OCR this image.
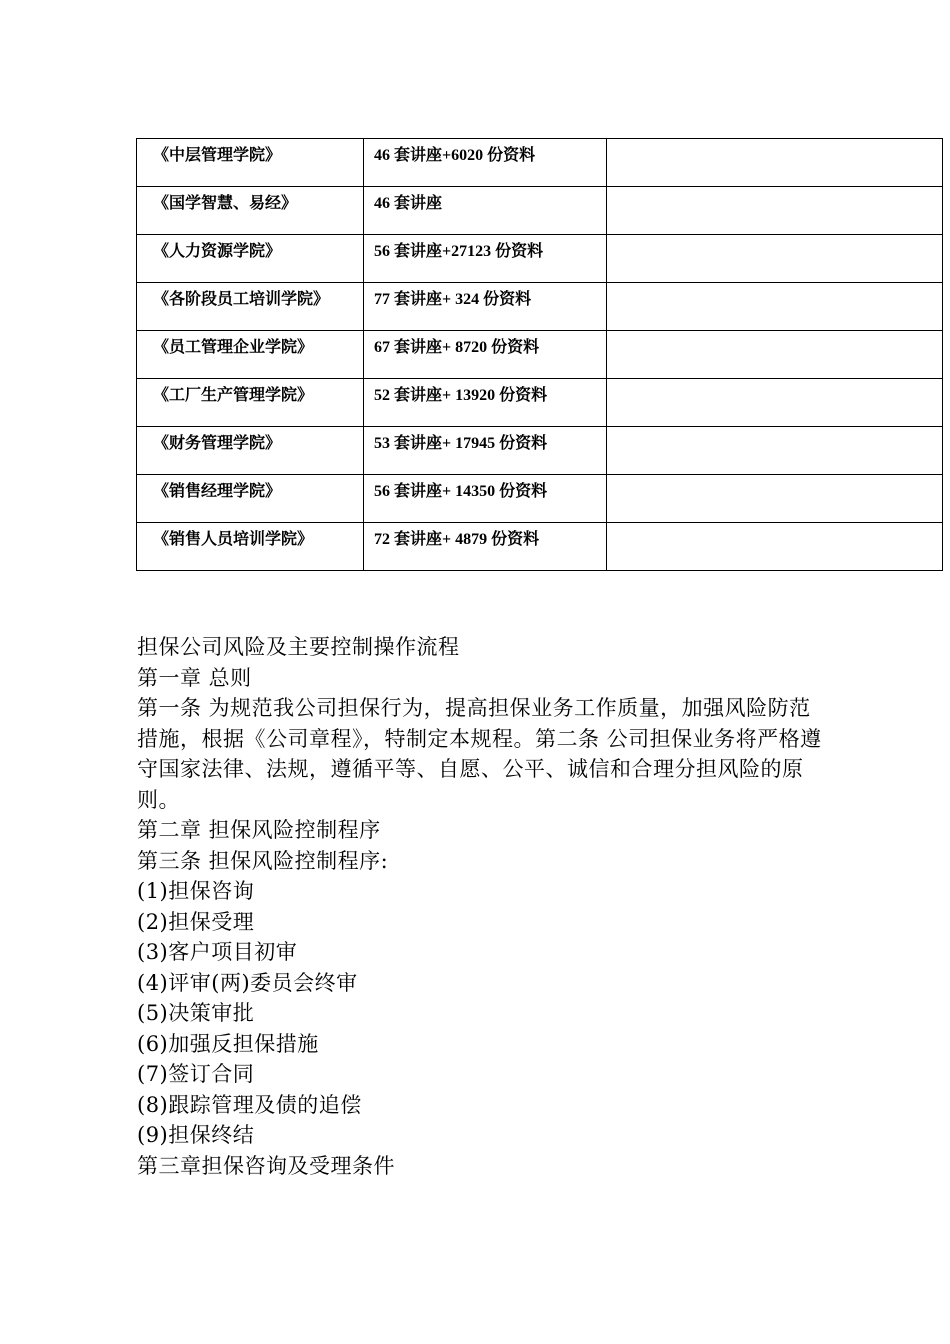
《中层管理学院》	46 套讲座+6020 份资料	
《国学智慧、易经》	46 套讲座	
《人力资源学院》	56 套讲座+27123 份资料	
《各阶段员工培训学院》	77 套讲座+ 324 份资料	
《员工管理企业学院》	67 套讲座+ 8720 份资料	
《工厂生产管理学院》	52 套讲座+ 13920 份资料	
《财务管理学院》	53 套讲座+ 17945 份资料	
《销售经理学院》	56 套讲座+ 14350 份资料	
《销售人员培训学院》	72 套讲座+ 4879 份资料	

担保公司风险及主要控制操作流程

第一章 总则

第一条 为规范我公司担保行为，提高担保业务工作质量，加强风险防范措施，根据《公司章程》，特制定本规程。第二条 公司担保业务将严格遵守国家法律、法规，遵循平等、自愿、公平、诚信和合理分担风险的原则。

第二章 担保风险控制程序

第三条 担保风险控制程序:

(1)担保咨询

(2)担保受理

(3)客户项目初审

(4)评审(两)委员会终审

(5)决策审批

(6)加强反担保措施

(7)签订合同

(8)跟踪管理及债的追偿

(9)担保终结

第三章担保咨询及受理条件
